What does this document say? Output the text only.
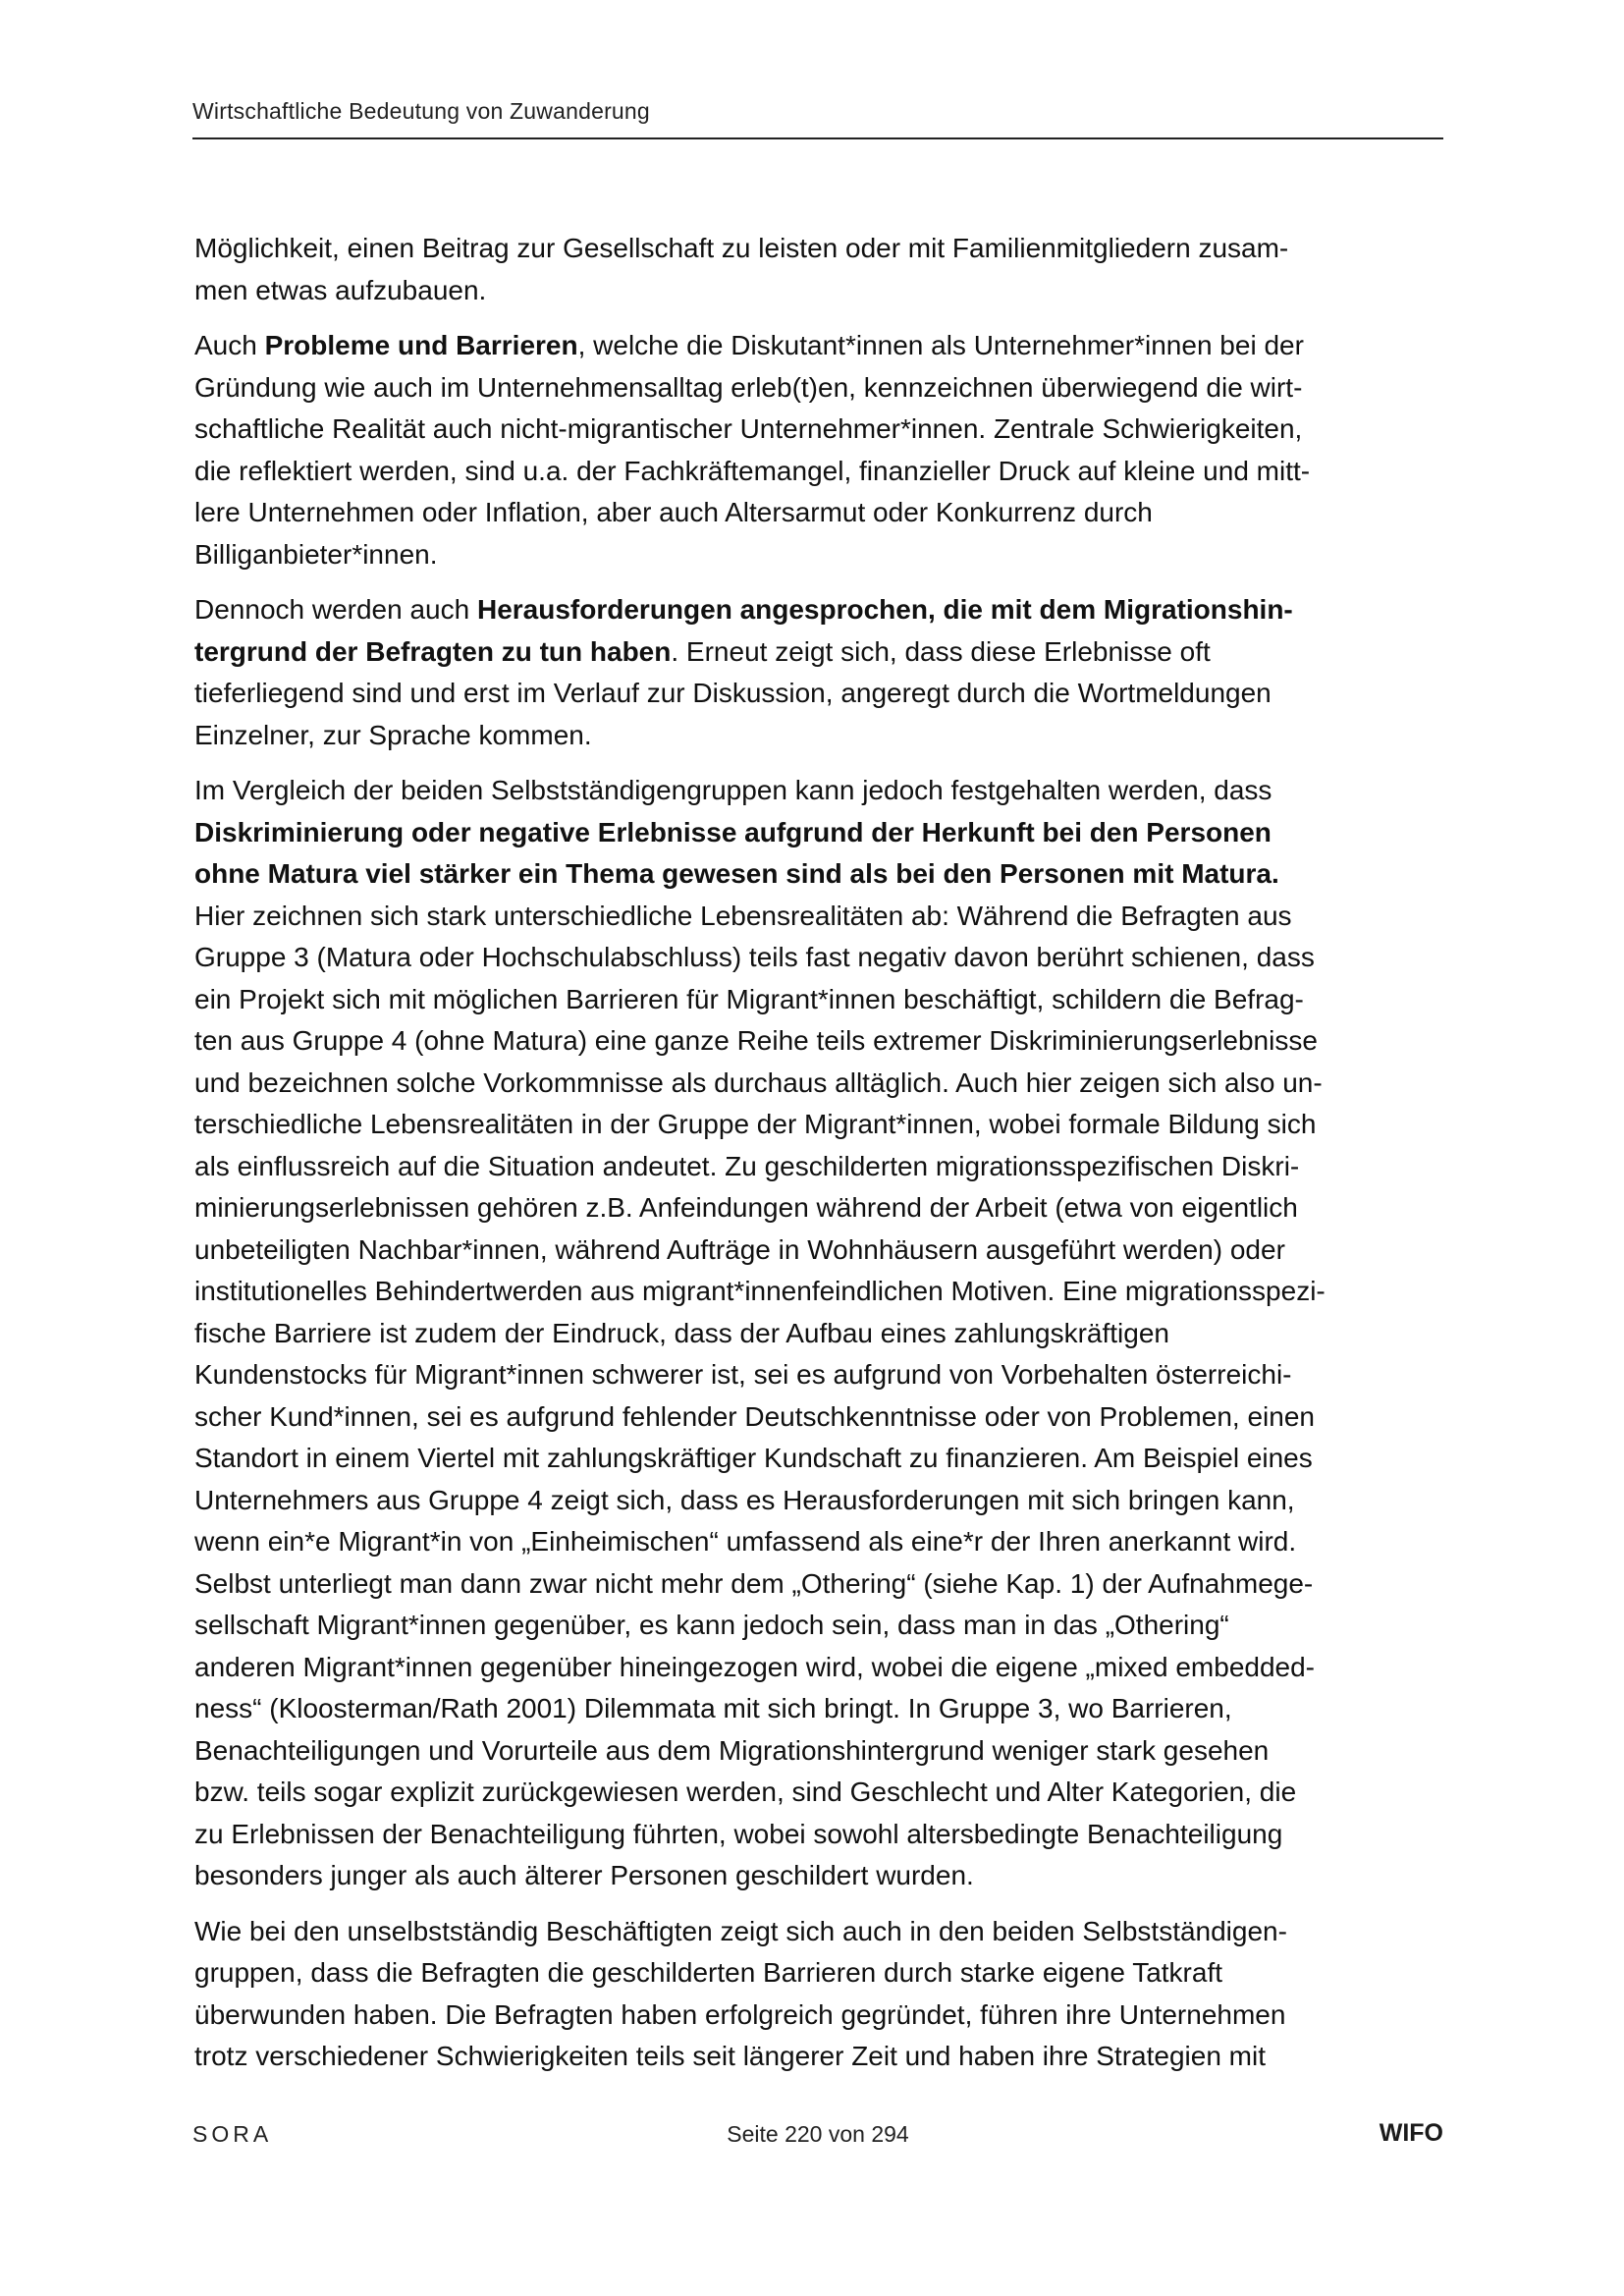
Wirtschaftliche Bedeutung von Zuwanderung

Möglichkeit, einen Beitrag zur Gesellschaft zu leisten oder mit Familienmitgliedern zusam-
men etwas aufzubauen.

Auch Probleme und Barrieren, welche die Diskutant*innen als Unternehmer*innen bei der
Gründung wie auch im Unternehmensalltag erleb(t)en, kennzeichnen überwiegend die wirt-
schaftliche Realität auch nicht-migrantischer Unternehmer*innen. Zentrale Schwierigkeiten,
die reflektiert werden, sind u.a. der Fachkräftemangel, finanzieller Druck auf kleine und mitt-
lere Unternehmen oder Inflation, aber auch Altersarmut oder Konkurrenz durch
Billiganbieter*innen.

Dennoch werden auch Herausforderungen angesprochen, die mit dem Migrationshin-
tergrund der Befragten zu tun haben. Erneut zeigt sich, dass diese Erlebnisse oft
tieferliegend sind und erst im Verlauf zur Diskussion, angeregt durch die Wortmeldungen
Einzelner, zur Sprache kommen.

Im Vergleich der beiden Selbstständigengruppen kann jedoch festgehalten werden, dass
Diskriminierung oder negative Erlebnisse aufgrund der Herkunft bei den Personen
ohne Matura viel stärker ein Thema gewesen sind als bei den Personen mit Matura.
Hier zeichnen sich stark unterschiedliche Lebensrealitäten ab: Während die Befragten aus
Gruppe 3 (Matura oder Hochschulabschluss) teils fast negativ davon berührt schienen, dass
ein Projekt sich mit möglichen Barrieren für Migrant*innen beschäftigt, schildern die Befrag-
ten aus Gruppe 4 (ohne Matura) eine ganze Reihe teils extremer Diskriminierungserlebnisse
und bezeichnen solche Vorkommnisse als durchaus alltäglich. Auch hier zeigen sich also un-
terschiedliche Lebensrealitäten in der Gruppe der Migrant*innen, wobei formale Bildung sich
als einflussreich auf die Situation andeutet. Zu geschilderten migrationsspezifischen Diskri-
minierungserlebnissen gehören z.B. Anfeindungen während der Arbeit (etwa von eigentlich
unbeteiligten Nachbar*innen, während Aufträge in Wohnhäusern ausgeführt werden) oder
institutionelles Behindertwerden aus migrant*innenfeindlichen Motiven. Eine migrationsspezi-
fische Barriere ist zudem der Eindruck, dass der Aufbau eines zahlungskräftigen
Kundenstocks für Migrant*innen schwerer ist, sei es aufgrund von Vorbehalten österreichi-
scher Kund*innen, sei es aufgrund fehlender Deutschkenntnisse oder von Problemen, einen
Standort in einem Viertel mit zahlungskräftiger Kundschaft zu finanzieren. Am Beispiel eines
Unternehmers aus Gruppe 4 zeigt sich, dass es Herausforderungen mit sich bringen kann,
wenn ein*e Migrant*in von „Einheimischen“ umfassend als eine*r der Ihren anerkannt wird.
Selbst unterliegt man dann zwar nicht mehr dem „Othering“ (siehe Kap. 1) der Aufnahmege-
sellschaft Migrant*innen gegenüber, es kann jedoch sein, dass man in das „Othering“
anderen Migrant*innen gegenüber hineingezogen wird, wobei die eigene „mixed embedded-
ness“ (Kloosterman/Rath 2001) Dilemmata mit sich bringt. In Gruppe 3, wo Barrieren,
Benachteiligungen und Vorurteile aus dem Migrationshintergrund weniger stark gesehen
bzw. teils sogar explizit zurückgewiesen werden, sind Geschlecht und Alter Kategorien, die
zu Erlebnissen der Benachteiligung führten, wobei sowohl altersbedingte Benachteiligung
besonders junger als auch älterer Personen geschildert wurden.

Wie bei den unselbstständig Beschäftigten zeigt sich auch in den beiden Selbstständigen-
gruppen, dass die Befragten die geschilderten Barrieren durch starke eigene Tatkraft
überwunden haben. Die Befragten haben erfolgreich gegründet, führen ihre Unternehmen
trotz verschiedener Schwierigkeiten teils seit längerer Zeit und haben ihre Strategien mit

SORA	Seite 220 von 294	WIFO
